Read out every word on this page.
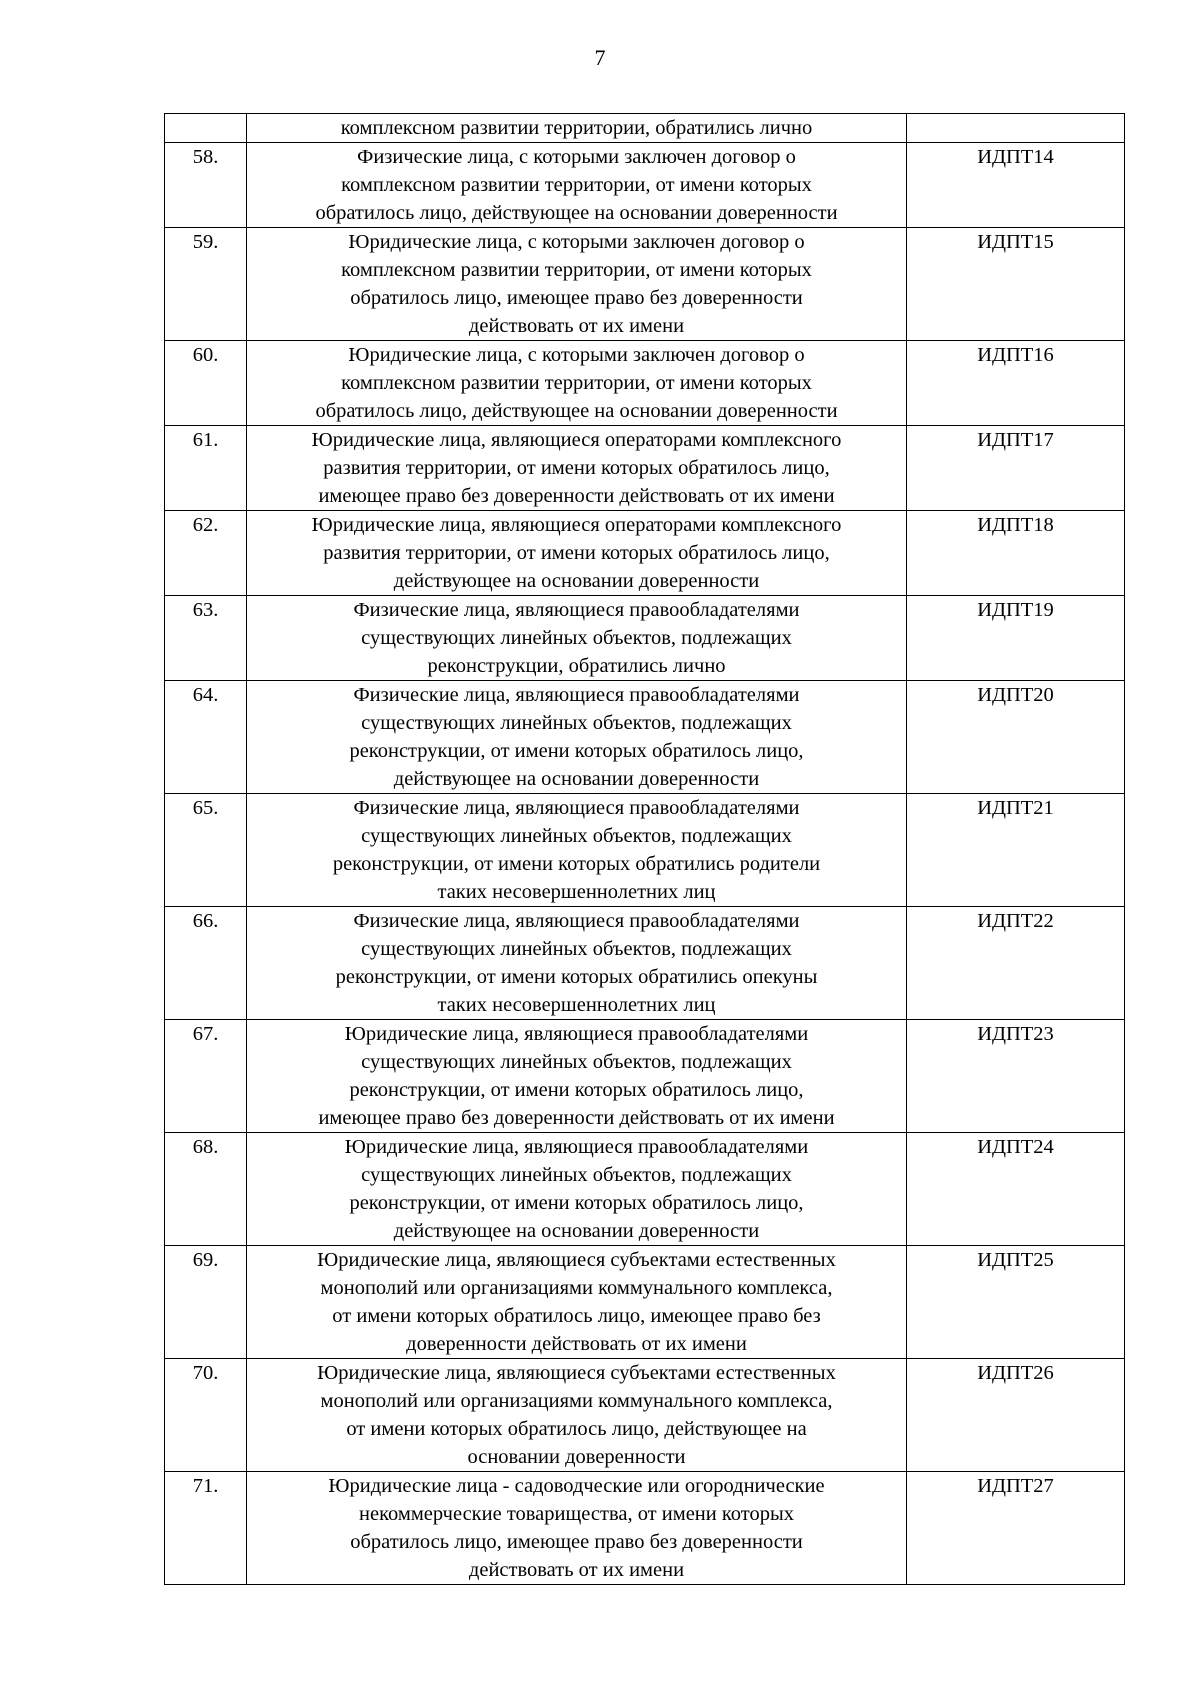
7

	комплексном развитии территории, обратились лично	

58.	Физические лица, с которыми заключен договор о
комплексном развитии территории, от имени которых
обратилось лицо, действующее на основании доверенности	ИДПТ14
59.	Юридические лица, с которыми заключен договор о
комплексном развитии территории, от имени которых
обратилось лицо, имеющее право без доверенности
действовать от их имени	ИДПТ15
60.	Юридические лица, с которыми заключен договор о
комплексном развитии территории, от имени которых
обратилось лицо, действующее на основании доверенности	ИДПТ16
61.	Юридические лица, являющиеся операторами комплексного
развития территории, от имени которых обратилось лицо,
имеющее право без доверенности действовать от их имени	ИДПТ17
62.	Юридические лица, являющиеся операторами комплексного
развития территории, от имени которых обратилось лицо,
действующее на основании доверенности	ИДПТ18
63.	Физические лица, являющиеся правообладателями
существующих линейных объектов, подлежащих
реконструкции, обратились лично	ИДПТ19
64.	Физические лица, являющиеся правообладателями
существующих линейных объектов, подлежащих
реконструкции, от имени которых обратилось лицо,
действующее на основании доверенности	ИДПТ20
65.	Физические лица, являющиеся правообладателями
существующих линейных объектов, подлежащих
реконструкции, от имени которых обратились родители
таких несовершеннолетних лиц	ИДПТ21
66.	Физические лица, являющиеся правообладателями
существующих линейных объектов, подлежащих
реконструкции, от имени которых обратились опекуны
таких несовершеннолетних лиц	ИДПТ22
67.	Юридические лица, являющиеся правообладателями
существующих линейных объектов, подлежащих
реконструкции, от имени которых обратилось лицо,
имеющее право без доверенности действовать от их имени	ИДПТ23
68.	Юридические лица, являющиеся правообладателями
существующих линейных объектов, подлежащих
реконструкции, от имени которых обратилось лицо,
действующее на основании доверенности	ИДПТ24
69.	Юридические лица, являющиеся субъектами естественных
монополий или организациями коммунального комплекса,
от имени которых обратилось лицо, имеющее право без
доверенности действовать от их имени	ИДПТ25
70.	Юридические лица, являющиеся субъектами естественных
монополий или организациями коммунального комплекса,
от имени которых обратилось лицо, действующее на
основании доверенности	ИДПТ26
71.	Юридические лица - садоводческие или огороднические
некоммерческие товарищества, от имени которых
обратилось лицо, имеющее право без доверенности
действовать от их имени	ИДПТ27
